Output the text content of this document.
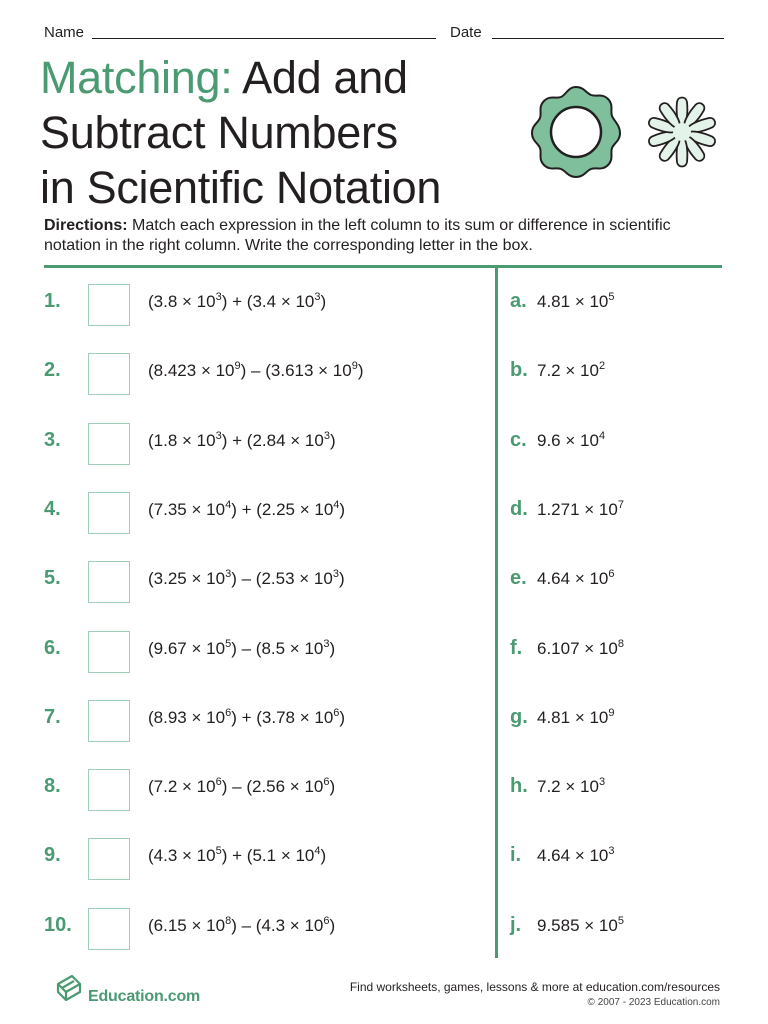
Name	Date
Matching: Add and
Subtract Numbers
in Scientific Notation

Directions: Match each expression in the left column to its sum or difference in scientific notation in the right column. Write the corresponding letter in the box.

1.	$(3.8 \times 10^3) + (3.4 \times 10^3)$
2.	$(8.423 \times 10^9) - (3.613 \times 10^9)$
3.	$(1.8 \times 10^3) + (2.84 \times 10^3)$
4.	$(7.35 \times 10^4) + (2.25 \times 10^4)$
5.	$(3.25 \times 10^3) - (2.53 \times 10^3)$
6.	$(9.67 \times 10^5) - (8.5 \times 10^3)$
7.	$(8.93 \times 10^6) + (3.78 \times 10^6)$
8.	$(7.2 \times 10^6) - (2.56 \times 10^6)$
9.	$(4.3 \times 10^5) + (5.1 \times 10^4)$
10.	$(6.15 \times 10^8) - (4.3 \times 10^6)$
a. $4.81 \times 10^5$
b. $7.2 \times 10^2$
c. $9.6 \times 10^4$
d. $1.271 \times 10^7$
e. $4.64 \times 10^6$
f. $6.107 \times 10^8$
g. $4.81 \times 10^9$
h. $7.2 \times 10^3$
i. $4.64 \times 10^3$
j. $9.585 \times 10^5$
Education.com
Find worksheets, games, lessons & more at education.com/resources
© 2007 - 2023 Education.com
